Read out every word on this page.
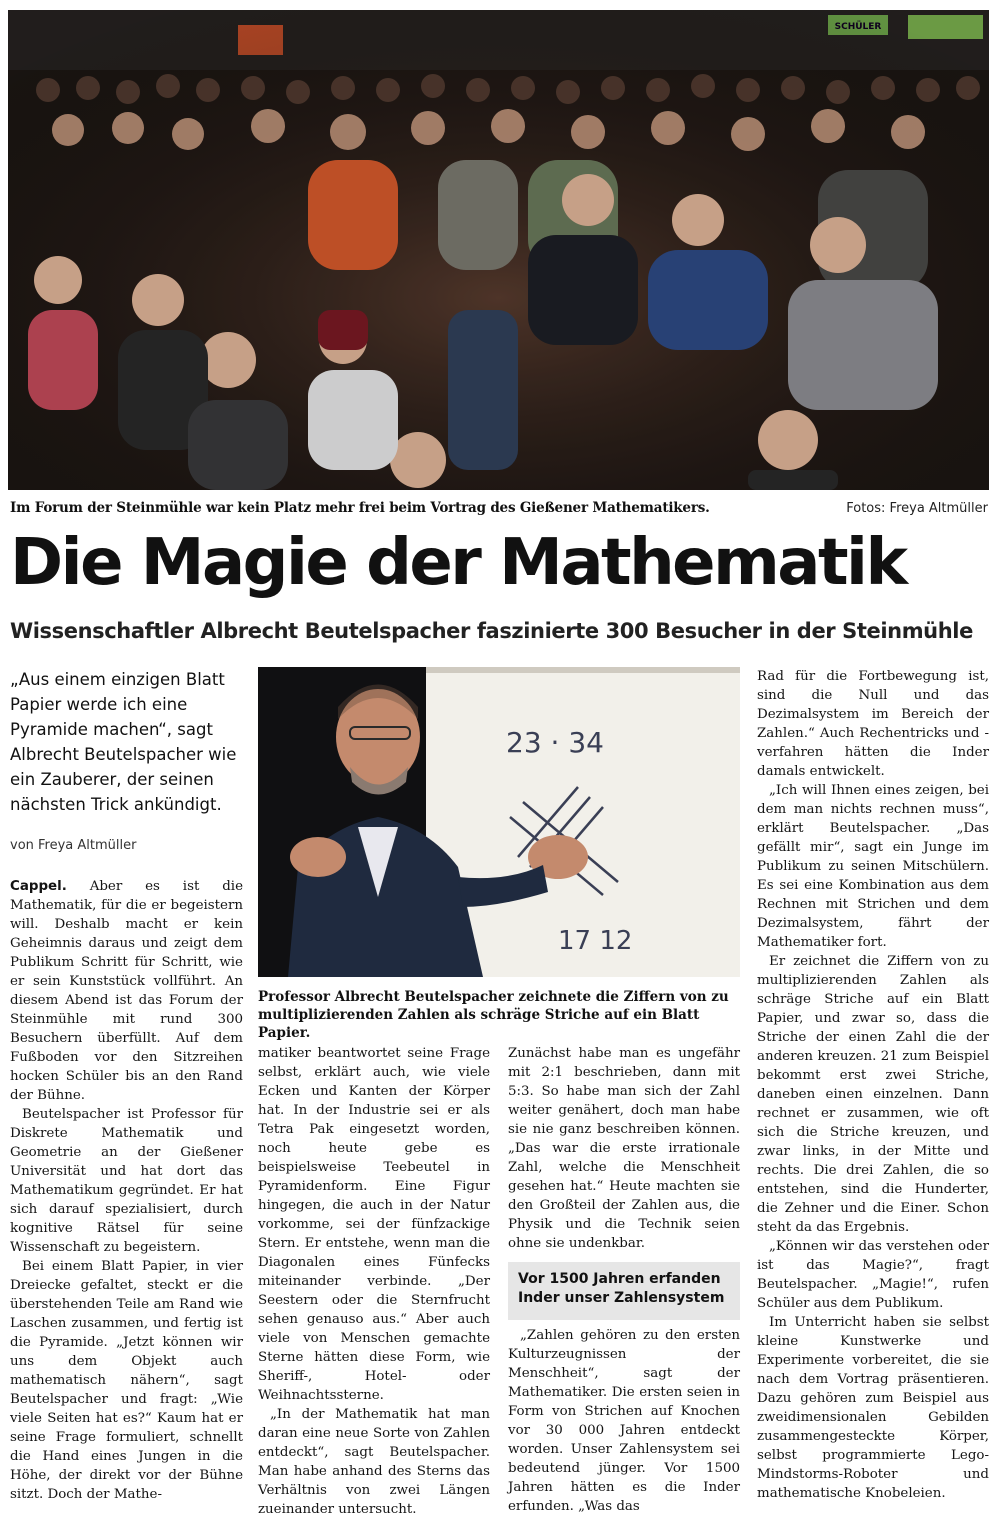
Im Forum der Steinmühle war kein Platz mehr frei beim Vortrag des Gießener Mathematikers.	Fotos: Freya Altmüller
Die Magie der Mathematik
Wissenschaftler Albrecht Beutelspacher faszinierte 300 Besucher in der Steinmühle

„Aus einem einzigen Blatt Papier werde ich eine Pyramide machen“, sagt Albrecht Beutelspacher wie ein Zauberer, der seinen nächsten Trick ankündigt.

von Freya Altmüller

Cappel. Aber es ist die Mathematik, für die er begeistern will. Deshalb macht er kein Geheimnis daraus und zeigt dem Publikum Schritt für Schritt, wie er sein Kunststück vollführt. An diesem Abend ist das Forum der Steinmühle mit rund 300 Besuchern überfüllt. Auf dem Fußboden vor den Sitzreihen hocken Schüler bis an den Rand der Bühne.

Beutelspacher ist Professor für Diskrete Mathematik und Geometrie an der Gießener Universität und hat dort das Mathematikum gegründet. Er hat sich darauf spezialisiert, durch kognitive Rätsel für seine Wissenschaft zu begeistern.

Bei einem Blatt Papier, in vier Dreiecke gefaltet, steckt er die überstehenden Teile am Rand wie Laschen zusammen, und fertig ist die Pyramide. „Jetzt können wir uns dem Objekt auch mathematisch nähern“, sagt Beutelspacher und fragt: „Wie viele Seiten hat es?“ Kaum hat er seine Frage formuliert, schnellt die Hand eines Jungen in die Höhe, der direkt vor der Bühne sitzt. Doch der Mathe-

23 · 34
17 12

Professor Albrecht Beutelspacher zeichnete die Ziffern von zu multiplizierenden Zahlen als schräge Striche auf ein Blatt Papier.

matiker beantwortet seine Frage selbst, erklärt auch, wie viele Ecken und Kanten der Körper hat. In der Industrie sei er als Tetra Pak eingesetzt worden, noch heute gebe es beispielsweise Teebeutel in Pyramidenform. Eine Figur hingegen, die auch in der Natur vorkomme, sei der fünfzackige Stern. Er entstehe, wenn man die Diagonalen eines Fünfecks miteinander verbinde. „Der Seestern oder die Sternfrucht sehen genauso aus.“ Aber auch viele von Menschen gemachte Sterne hätten diese Form, wie Sheriff-, Hotel- oder Weihnachtssterne.

„In der Mathematik hat man daran eine neue Sorte von Zahlen entdeckt“, sagt Beutelspacher. Man habe anhand des Sterns das Verhältnis von zwei Längen zueinander untersucht.

Zunächst habe man es ungefähr mit 2:1 beschrieben, dann mit 5:3. So habe man sich der Zahl weiter genähert, doch man habe sie nie ganz beschreiben können. „Das war die erste irrationale Zahl, welche die Menschheit gesehen hat.“ Heute machten sie den Großteil der Zahlen aus, die Physik und die Technik seien ohne sie undenkbar.

Vor 1500 Jahren erfanden Inder unser Zahlensystem

„Zahlen gehören zu den ersten Kulturzeugnissen der Menschheit“, sagt der Mathematiker. Die ersten seien in Form von Strichen auf Knochen vor 30 000 Jahren entdeckt worden. Unser Zahlensystem sei bedeutend jünger. Vor 1500 Jahren hätten es die Inder erfunden. „Was das

Rad für die Fortbewegung ist, sind die Null und das Dezimalsystem im Bereich der Zahlen.“ Auch Rechentricks und -verfahren hätten die Inder damals entwickelt.

„Ich will Ihnen eines zeigen, bei dem man nichts rechnen muss“, erklärt Beutelspacher. „Das gefällt mir“, sagt ein Junge im Publikum zu seinen Mitschülern. Es sei eine Kombination aus dem Rechnen mit Strichen und dem Dezimalsystem, fährt der Mathematiker fort.

Er zeichnet die Ziffern von zu multiplizierenden Zahlen als schräge Striche auf ein Blatt Papier, und zwar so, dass die Striche der einen Zahl die der anderen kreuzen. 21 zum Beispiel bekommt erst zwei Striche, daneben einen einzelnen. Dann rechnet er zusammen, wie oft sich die Striche kreuzen, und zwar links, in der Mitte und rechts. Die drei Zahlen, die so entstehen, sind die Hunderter, die Zehner und die Einer. Schon steht da das Ergebnis.

„Können wir das verstehen oder ist das Magie?“, fragt Beutelspacher. „Magie!“, rufen Schüler aus dem Publikum.

Im Unterricht haben sie selbst kleine Kunstwerke und Experimente vorbereitet, die sie nach dem Vortrag präsentieren. Dazu gehören zum Beispiel aus zweidimensionalen Gebilden zusammengesteckte Körper, selbst programmierte Lego-Mindstorms-Roboter und mathematische Knobeleien.
